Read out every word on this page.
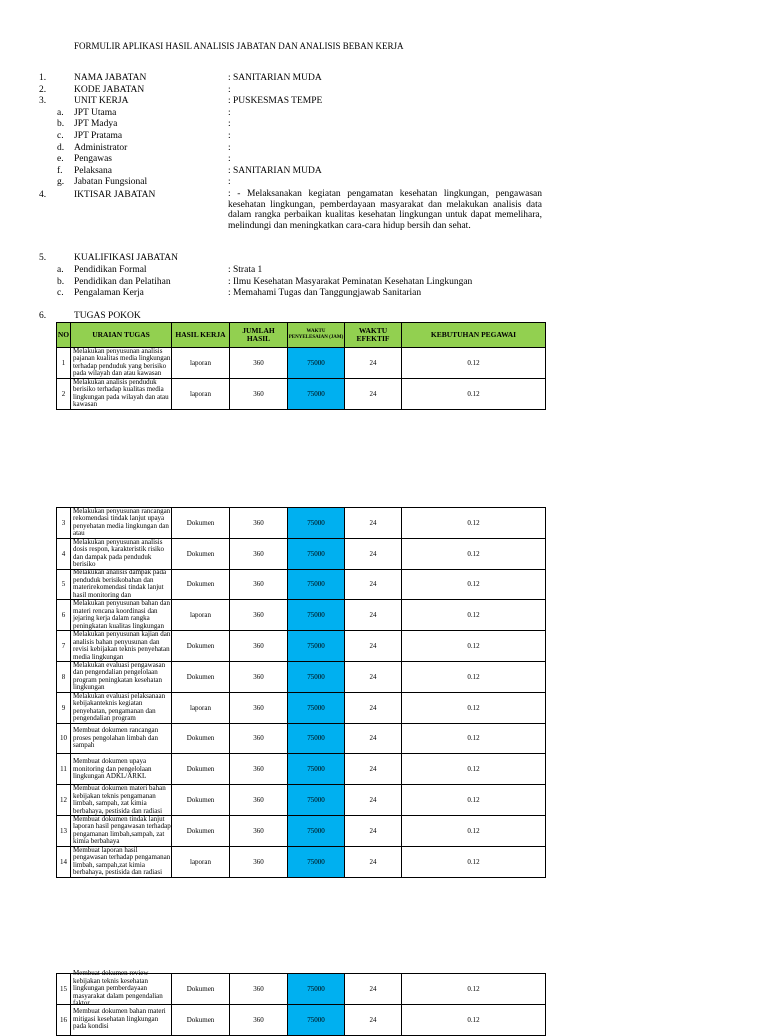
FORMULIR APLIKASI HASIL ANALISIS JABATAN DAN ANALISIS BEBAN KERJA
1.	NAMA JABATAN	: SANITARIAN MUDA
2.	KODE JABATAN	:
3.	UNIT KERJA	: PUSKESMAS TEMPE
a. JPT Utama	:
b. JPT Madya	:
c. JPT Pratama	:
d. Administrator	:
e. Pengawas	:
f. Pelaksana	: SANITARIAN MUDA
g. Jabatan Fungsional	:
4.	IKTISAR JABATAN	: - Melaksanakan kegiatan pengamatan kesehatan lingkungan, pengawasan kesehatan lingkungan, pemberdayaan masyarakat dan melakukan analisis data dalam rangka perbaikan kualitas kesehatan lingkungan untuk dapat memelihara, melindungi dan meningkatkan cara-cara hidup bersih dan sehat.
5.	KUALIFIKASI JABATAN
a. Pendidikan Formal	: Strata 1
b. Pendidikan dan Pelatihan	: Ilmu Kesehatan Masyarakat Peminatan Kesehatan Lingkungan
c. Pengalaman Kerja	: Memahami Tugas dan Tanggungjawab Sanitarian
6.	TUGAS POKOK
NO	URAIAN TUGAS	HASIL KERJA	JUMLAH HASIL	WAKTU PENYELESAIAN (JAM)	WAKTU EFEKTIF	KEBUTUHAN PEGAWAI
1	Melakukan penyusunan analisis pajanan kualitas media lingkungan terhadap penduduk yang berisiko pada wilayah dan atau kawasan	laporan	360	75000	24	0.12
2	Melakukan analisis penduduk berisiko terhadap kualitas media lingkungan pada wilayah dan atau kawasan	laporan	360	75000	24	0.12
3	Melakukan penyusunan rancangan rekomendasi tindak lanjut upaya penyehatan media lingkungan dan atau	Dokumen	360	75000	24	0.12
4	Melakukan penyusunan analisis dosis respon, karakteristik risiko dan dampak pada penduduk berisiko	Dokumen	360	75000	24	0.12
5	Melakukan analisis dampak pada penduduk berisikobahan dan materirekomendasi tindak lanjut hasil monitoring dan	Dokumen	360	75000	24	0.12
6	Melakukan penyusunan bahan dan materi rencana koordinasi dan jejaring kerja dalam rangka peningkatan kualitas lingkungan	laporan	360	75000	24	0.12
7	Melakukan penyusunan kajian dan analisis bahan penyusunan dan revisi kebijakan teknis penyehatan media lingkungan	Dokumen	360	75000	24	0.12
8	Melakukan evaluasi pengawasan dan pengendalian pengelolaan program peningkatan kesehatan lingkungan	Dokumen	360	75000	24	0.12
9	Melakukan evaluasi pelaksanaan kebijakanteknis kegiatan penyehatan, pengamanan dan pengendalian program	laporan	360	75000	24	0.12
10	Membuat dokumen rancangan proses pengolahan limbah dan sampah	Dokumen	360	75000	24	0.12
11	Membuat dokumen upaya monitoring dan pengelolaan lingkungan ADKL/ARKL	Dokumen	360	75000	24	0.12
12	Membuat dokumen materi bahan kebijakan teknis pengamanan limbah, sampah, zat kimia berbahaya, pestisida dan radiasi	Dokumen	360	75000	24	0.12
13	Membuat dokumen tindak lanjut laporan hasil pengawasan terhadap pengamanan limbah,sampah, zat kimia berbahaya	Dokumen	360	75000	24	0.12
14	Membuat laporan hasil pengawasan terhadap pengamanan limbah, sampah,zat kimia berbahaya, pestisida dan radiasi	laporan	360	75000	24	0.12
15	Membuat dokumen review kebijakan teknis kesehatan lingkungan pemberdayaan masyarakat dalam pengendalian faktor	Dokumen	360	75000	24	0.12
16	Membuat dokumen bahan materi mitigasi kesehatan lingkungan pada kondisi	Dokumen	360	75000	24	0.12
